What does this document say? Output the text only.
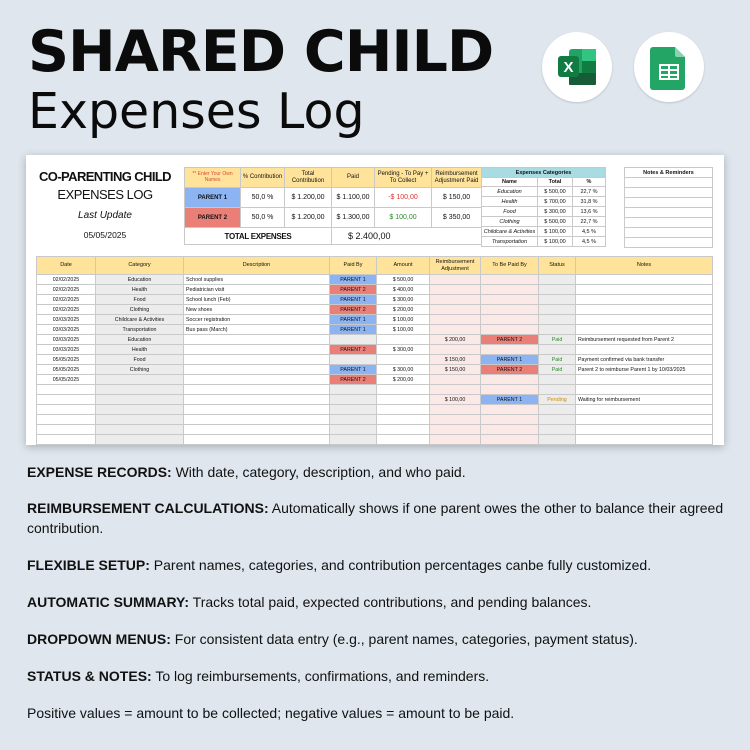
SHARED CHILD
Expenses Log
X
CO-PARENTING CHILD
EXPENSES LOG
Last Update
05/05/2025
** Enter Your Own Names	% Contribution	Total Contribution	Paid	Pending - To Pay + To Collect	Reimbursement Adjustment Paid
PARENT 1	50,0 %	$ 1.200,00	$ 1.100,00	-$ 100,00	$ 150,00
PARENT 2	50,0 %	$ 1.200,00	$ 1.300,00	$ 100,00	$ 350,00
TOTAL EXPENSES			$ 2.400,00		
Expenses Categories		
Name	Total	%
Education	$ 500,00	22,7 %
Health	$ 700,00	31,8 %
Food	$ 300,00	13,6 %
Clothing	$ 500,00	22,7 %
Childcare & Activities	$ 100,00	4,5 %
Transportation	$ 100,00	4,5 %
Notes & Reminders

Date	Category	Description	Paid By	Amount	Reimbursement Adjustment	To Be Paid By	Status	Notes
02/02/2025	Education	School supplies	PARENT 1	$ 500,00				
02/02/2025	Health	Pediatrician visit	PARENT 2	$ 400,00				
02/02/2025	Food	School lunch (Feb)	PARENT 1	$ 300,00				
02/02/2025	Clothing	New shoes	PARENT 2	$ 200,00				
03/03/2025	Childcare & Activities	Soccer registration	PARENT 1	$ 100,00				
03/03/2025	Transportation	Bus pass (March)	PARENT 1	$ 100,00				
03/03/2025	Education				$ 200,00	PARENT 2	Paid	Reimbursement requested from Parent 2
03/03/2025	Health		PARENT 2	$ 300,00				
05/05/2025	Food				$ 150,00	PARENT 1	Paid	Payment confirmed via bank transfer
05/05/2025	Clothing		PARENT 1	$ 300,00	$ 150,00	PARENT 2	Paid	Parent 2 to reimburse Parent 1 by 10/03/2025
05/05/2025			PARENT 2	$ 200,00				

					$ 100,00	PARENT 1	Pending	Waiting for reimbursement

EXPENSE RECORDS: With date, category, description, and who paid.
REIMBURSEMENT CALCULATIONS: Automatically shows if one parent owes the other to balance their agreed contribution.
FLEXIBLE SETUP: Parent names, categories, and contribution percentages canbe fully customized.
AUTOMATIC SUMMARY: Tracks total paid, expected contributions, and pending balances.
DROPDOWN MENUS: For consistent data entry (e.g., parent names, categories, payment status).
STATUS & NOTES: To log reimbursements, confirmations, and reminders.
Positive values = amount to be collected; negative values = amount to be paid.
